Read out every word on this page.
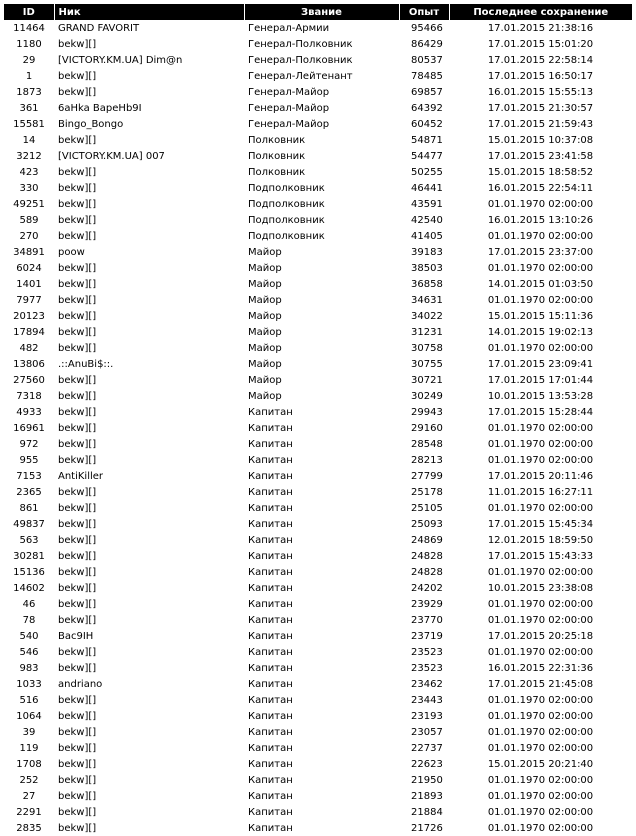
ID	Ник	Звание	Опыт	Последнее сохранение
11464	GRAND FAVORIT	Генерал-Армии	95466	17.01.2015 21:38:16
1180	bekw][]	Генерал-Полковник	86429	17.01.2015 15:01:20
29	[VICTORY.KM.UA] Dim@n	Генерал-Полковник	80537	17.01.2015 22:58:14
1	bekw][]	Генерал-Лейтенант	78485	17.01.2015 16:50:17
1873	bekw][]	Генерал-Майор	69857	16.01.2015 15:55:13
361	6aHka BapeHb9I	Генерал-Майор	64392	17.01.2015 21:30:57
15581	Bingo_Bongo	Генерал-Майор	60452	17.01.2015 21:59:43
14	bekw][]	Полковник	54871	15.01.2015 10:37:08
3212	[VICTORY.KM.UA] 007	Полковник	54477	17.01.2015 23:41:58
423	bekw][]	Полковник	50255	15.01.2015 18:58:52
330	bekw][]	Подполковник	46441	16.01.2015 22:54:11
49251	bekw][]	Подполковник	43591	01.01.1970 02:00:00
589	bekw][]	Подполковник	42540	16.01.2015 13:10:26
270	bekw][]	Подполковник	41405	01.01.1970 02:00:00
34891	poow	Майор	39183	17.01.2015 23:37:00
6024	bekw][]	Майор	38503	01.01.1970 02:00:00
1401	bekw][]	Майор	36858	14.01.2015 01:03:50
7977	bekw][]	Майор	34631	01.01.1970 02:00:00
20123	bekw][]	Майор	34022	15.01.2015 15:11:36
17894	bekw][]	Майор	31231	14.01.2015 19:02:13
482	bekw][]	Майор	30758	01.01.1970 02:00:00
13806	.::AnuBi$::.	Майор	30755	17.01.2015 23:09:41
27560	bekw][]	Майор	30721	17.01.2015 17:01:44
7318	bekw][]	Майор	30249	10.01.2015 13:53:28
4933	bekw][]	Капитан	29943	17.01.2015 15:28:44
16961	bekw][]	Капитан	29160	01.01.1970 02:00:00
972	bekw][]	Капитан	28548	01.01.1970 02:00:00
955	bekw][]	Капитан	28213	01.01.1970 02:00:00
7153	AntiKiller	Капитан	27799	17.01.2015 20:11:46
2365	bekw][]	Капитан	25178	11.01.2015 16:27:11
861	bekw][]	Капитан	25105	01.01.1970 02:00:00
49837	bekw][]	Капитан	25093	17.01.2015 15:45:34
563	bekw][]	Капитан	24869	12.01.2015 18:59:50
30281	bekw][]	Капитан	24828	17.01.2015 15:43:33
15136	bekw][]	Капитан	24828	01.01.1970 02:00:00
14602	bekw][]	Капитан	24202	10.01.2015 23:38:08
46	bekw][]	Капитан	23929	01.01.1970 02:00:00
78	bekw][]	Капитан	23770	01.01.1970 02:00:00
540	Bac9IH	Капитан	23719	17.01.2015 20:25:18
546	bekw][]	Капитан	23523	01.01.1970 02:00:00
983	bekw][]	Капитан	23523	16.01.2015 22:31:36
1033	andriano	Капитан	23462	17.01.2015 21:45:08
516	bekw][]	Капитан	23443	01.01.1970 02:00:00
1064	bekw][]	Капитан	23193	01.01.1970 02:00:00
39	bekw][]	Капитан	23057	01.01.1970 02:00:00
119	bekw][]	Капитан	22737	01.01.1970 02:00:00
1708	bekw][]	Капитан	22623	15.01.2015 20:21:40
252	bekw][]	Капитан	21950	01.01.1970 02:00:00
27	bekw][]	Капитан	21893	01.01.1970 02:00:00
2291	bekw][]	Капитан	21884	01.01.1970 02:00:00
2835	bekw][]	Капитан	21726	01.01.1970 02:00:00
